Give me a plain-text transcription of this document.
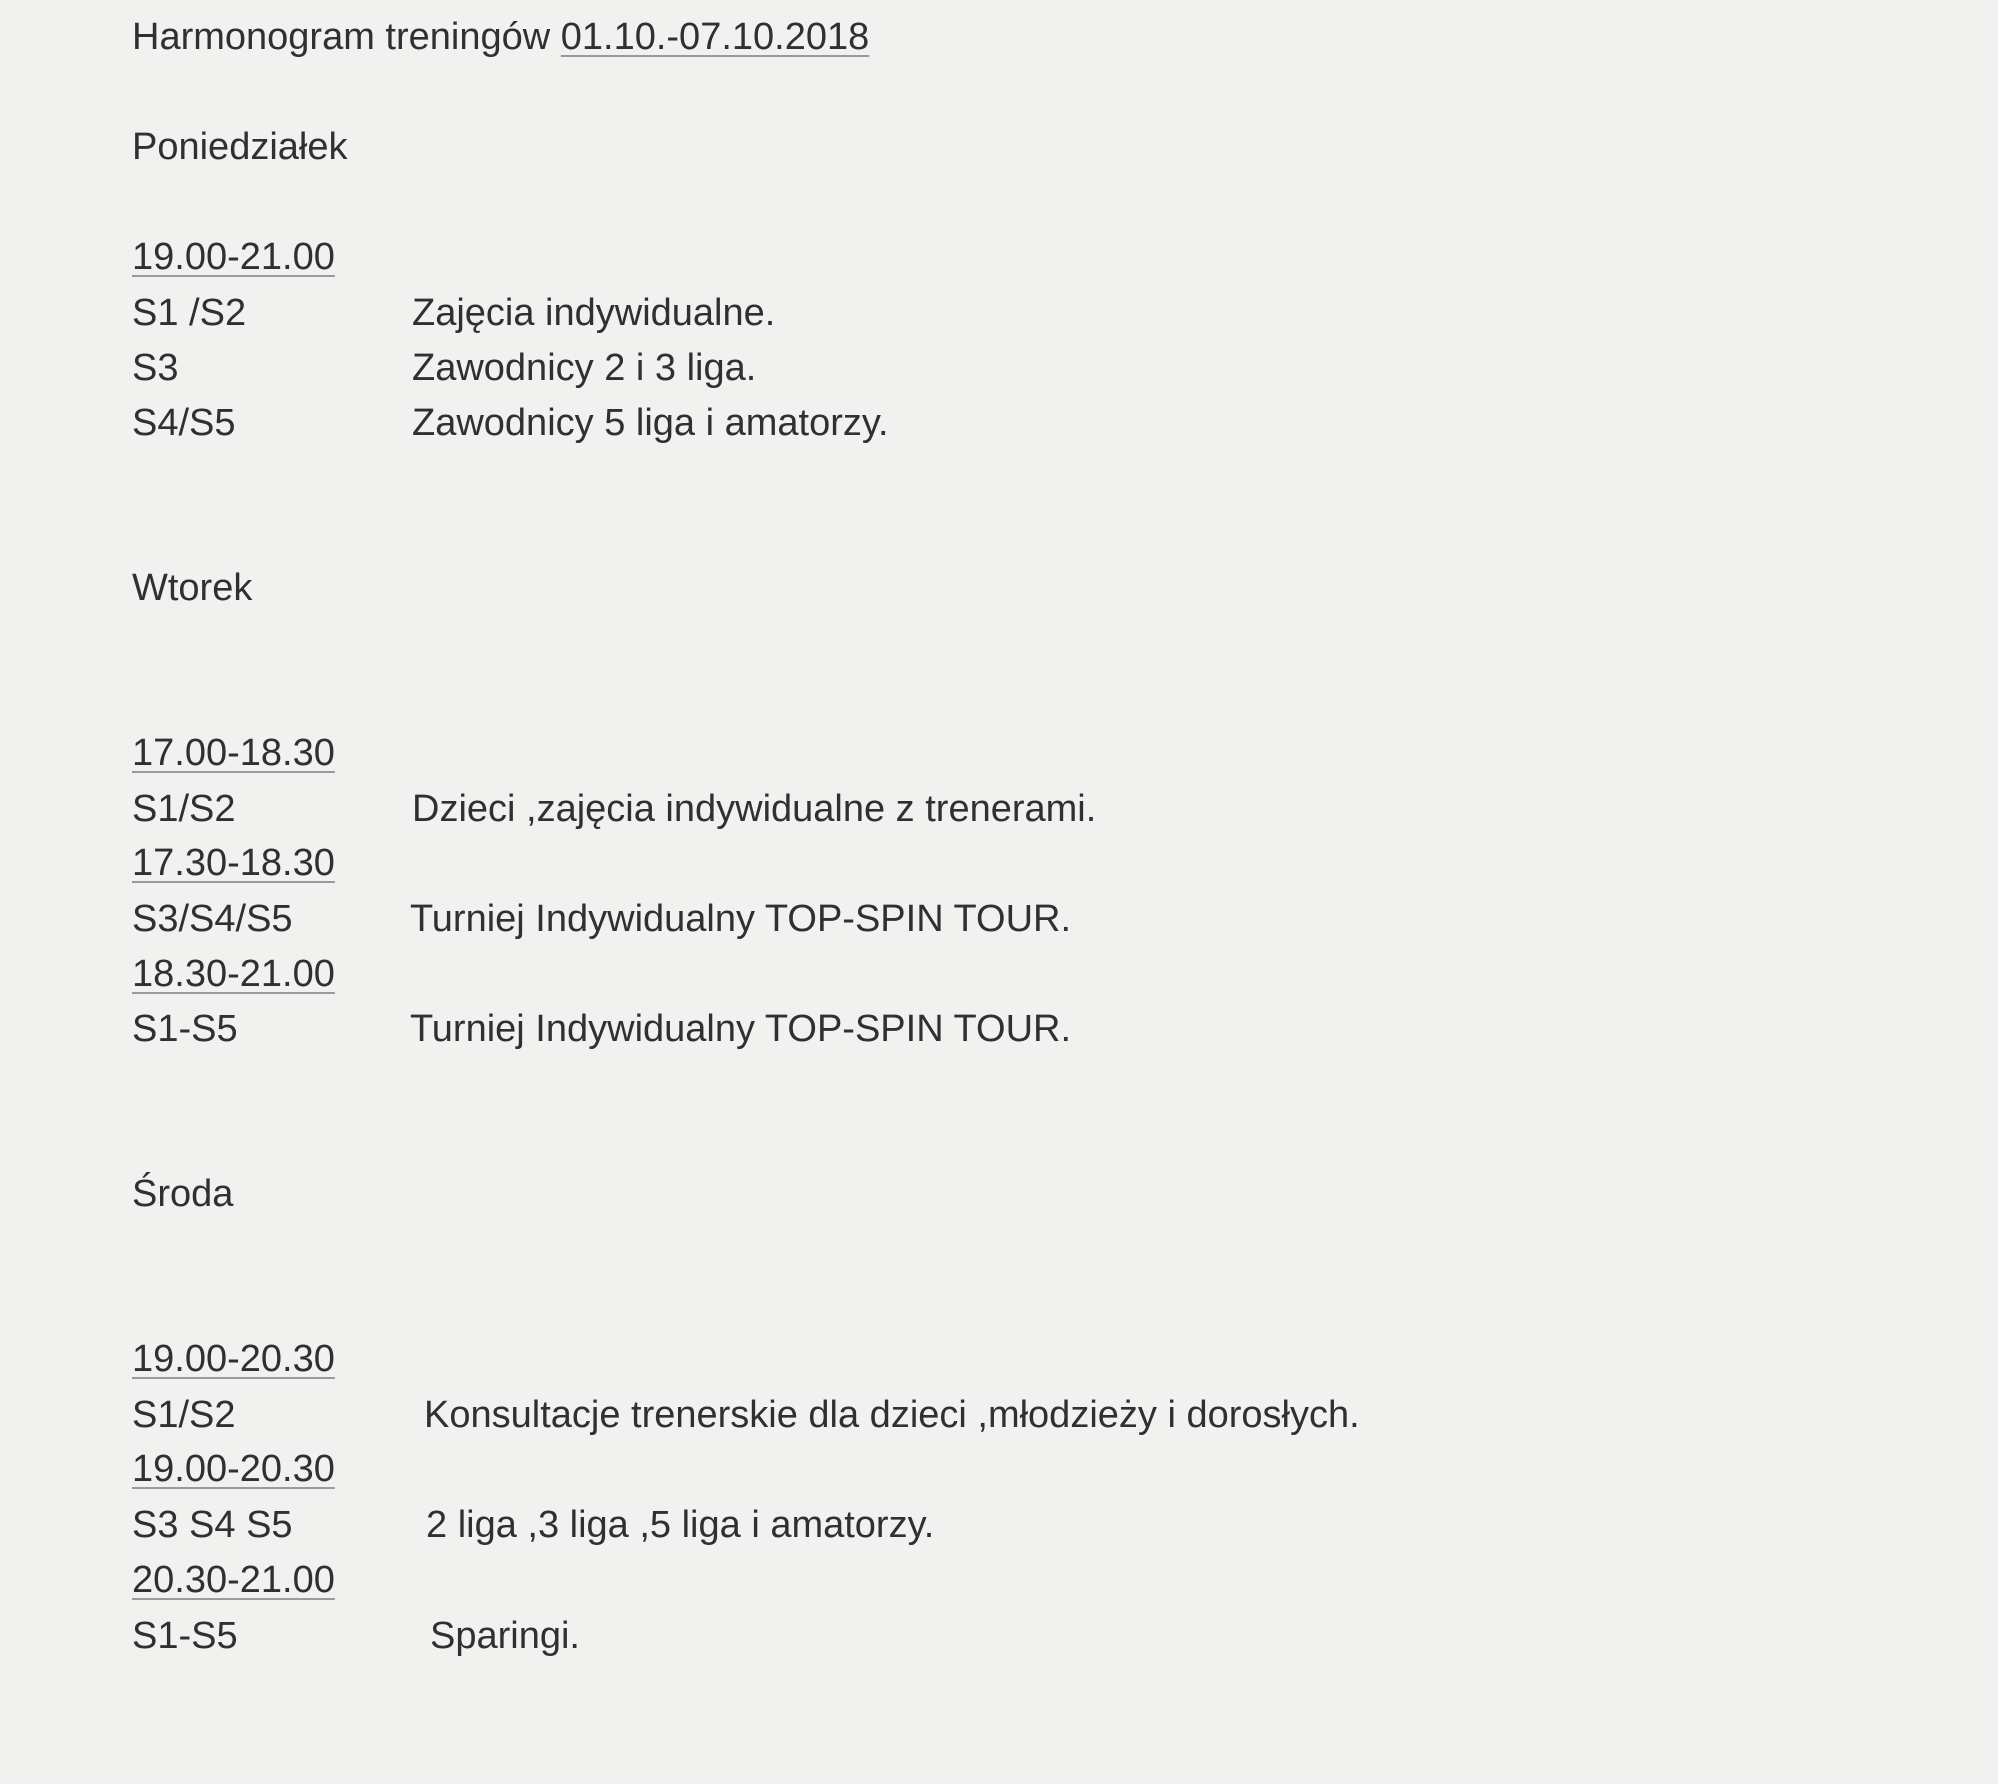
Harmonogram treningów 01.10.-07.10.2018
Poniedziałek
19.00-21.00
S1 /S2	Zajęcia indywidualne.
S3	Zawodnicy 2 i 3 liga.
S4/S5	Zawodnicy 5 liga i amatorzy.
Wtorek
17.00-18.30
S1/S2	Dzieci ,zajęcia indywidualne z trenerami.
17.30-18.30
S3/S4/S5	Turniej Indywidualny TOP-SPIN TOUR.
18.30-21.00
S1-S5	Turniej Indywidualny TOP-SPIN TOUR.
Środa
19.00-20.30
S1/S2	Konsultacje trenerskie dla dzieci ,młodzieży i dorosłych.
19.00-20.30
S3 S4 S5	2 liga ,3 liga ,5 liga i amatorzy.
20.30-21.00
S1-S5	Sparingi.
